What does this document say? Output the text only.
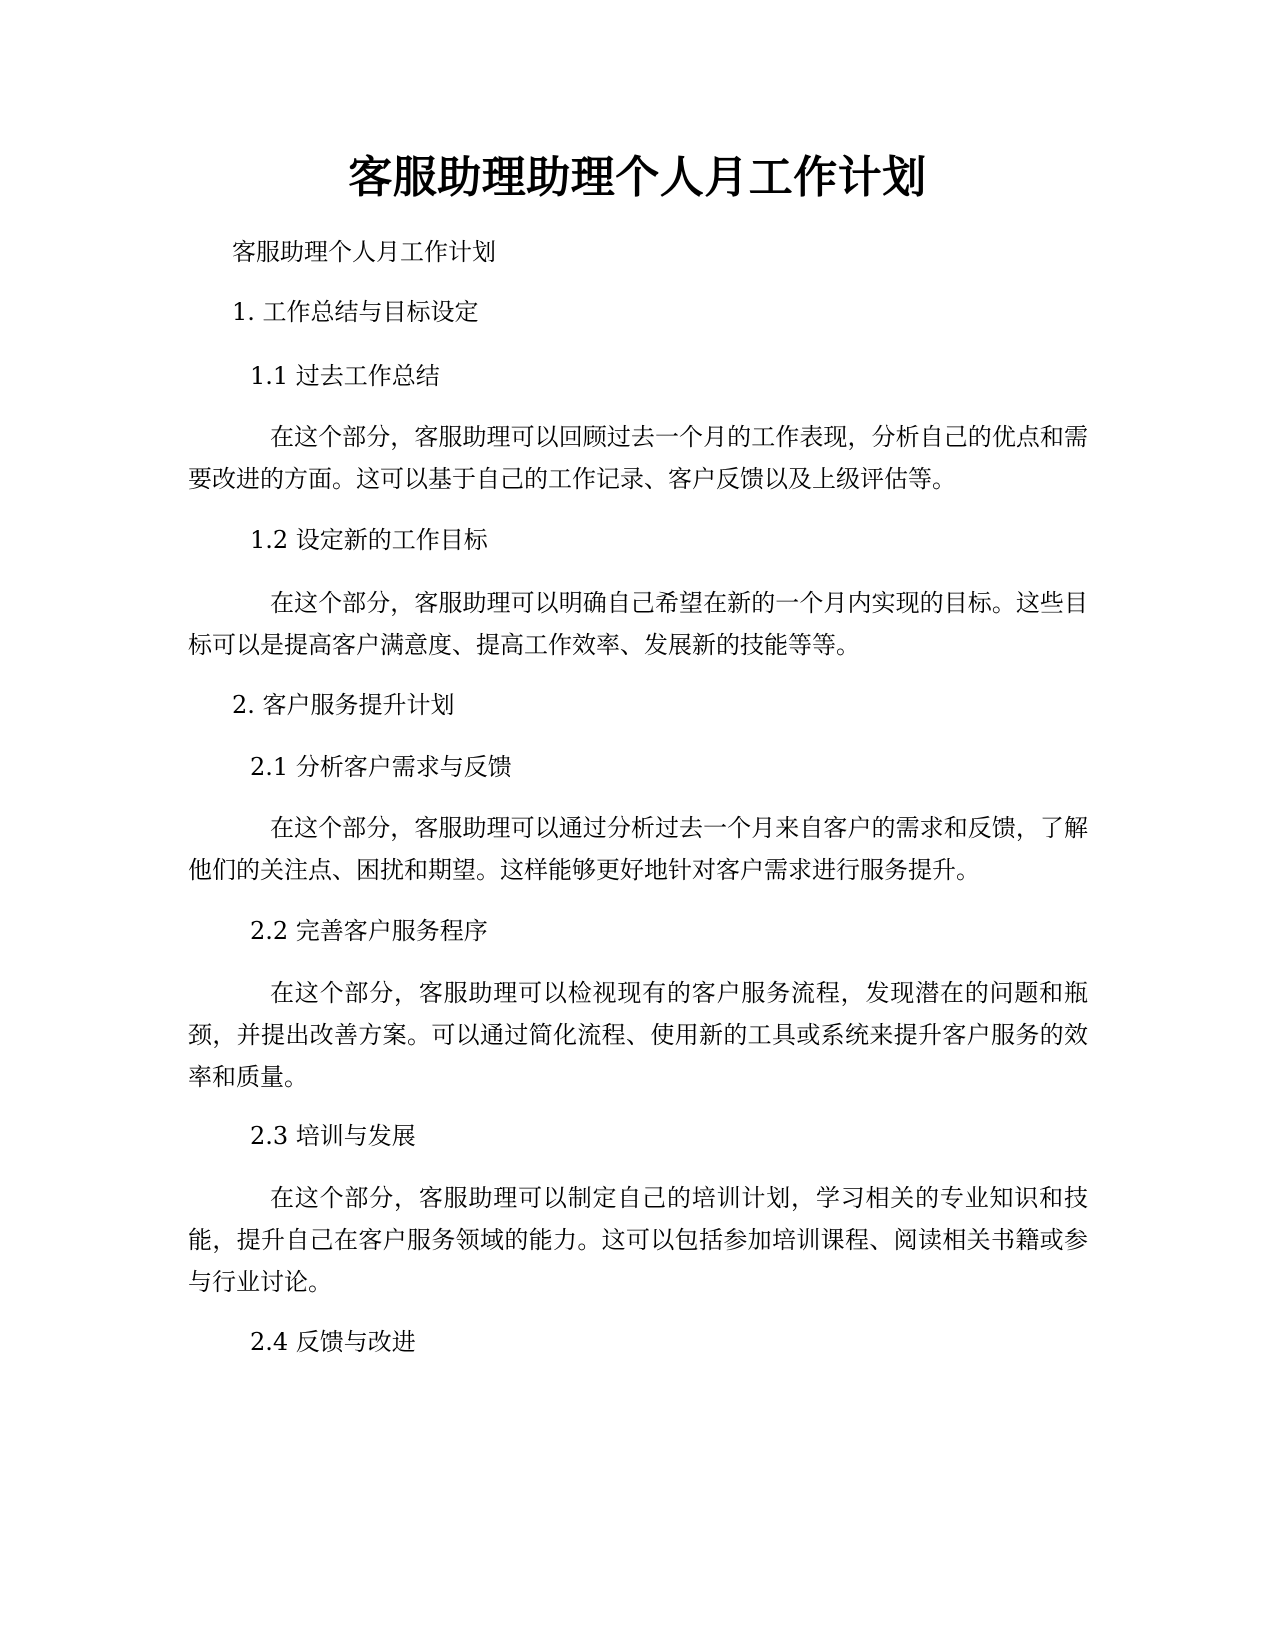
客服助理助理个人月工作计划

客服助理个人月工作计划

1. 工作总结与目标设定

1.1 过去工作总结

在这个部分，客服助理可以回顾过去一个月的工作表现，分析自己的优点和需要改进的方面。这可以基于自己的工作记录、客户反馈以及上级评估等。

1.2 设定新的工作目标

在这个部分，客服助理可以明确自己希望在新的一个月内实现的目标。这些目标可以是提高客户满意度、提高工作效率、发展新的技能等等。

2. 客户服务提升计划

2.1 分析客户需求与反馈

在这个部分，客服助理可以通过分析过去一个月来自客户的需求和反馈，了解他们的关注点、困扰和期望。这样能够更好地针对客户需求进行服务提升。

2.2 完善客户服务程序

在这个部分，客服助理可以检视现有的客户服务流程，发现潜在的问题和瓶颈，并提出改善方案。可以通过简化流程、使用新的工具或系统来提升客户服务的效率和质量。

2.3 培训与发展

在这个部分，客服助理可以制定自己的培训计划，学习相关的专业知识和技能，提升自己在客户服务领域的能力。这可以包括参加培训课程、阅读相关书籍或参与行业讨论。

2.4 反馈与改进
